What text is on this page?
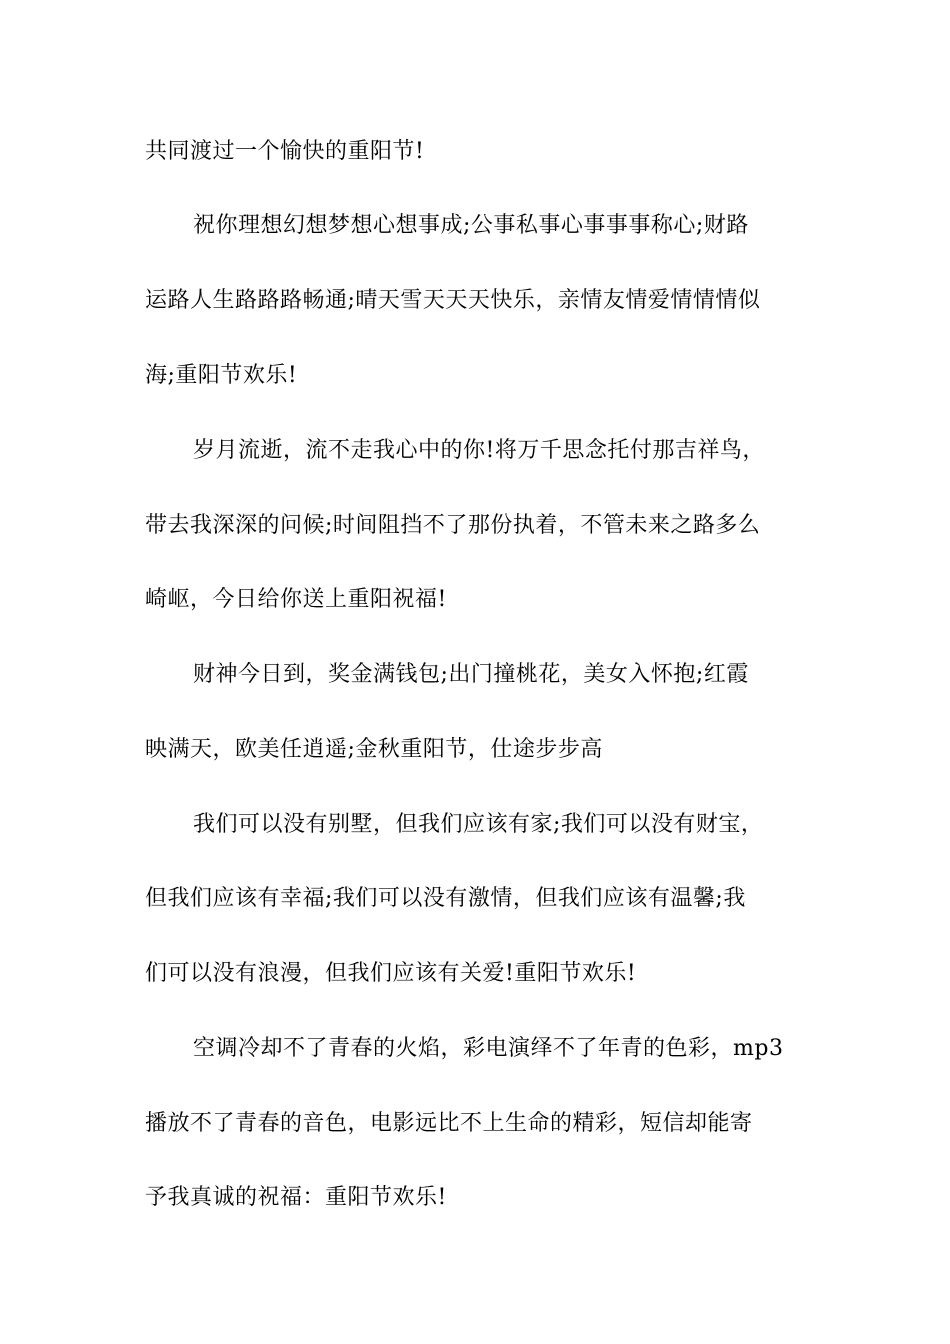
共同渡过一个愉快的重阳节!
祝你理想幻想梦想心想事成;公事私事心事事事称心;财路
运路人生路路路畅通;晴天雪天天天快乐，亲情友情爱情情情似
海;重阳节欢乐!
岁月流逝，流不走我心中的你!将万千思念托付那吉祥鸟，
带去我深深的问候;时间阻挡不了那份执着，不管未来之路多么
崎岖，今日给你送上重阳祝福!
财神今日到，奖金满钱包;出门撞桃花，美女入怀抱;红霞
映满天，欧美任逍遥;金秋重阳节，仕途步步高
我们可以没有别墅，但我们应该有家;我们可以没有财宝，
但我们应该有幸福;我们可以没有激情，但我们应该有温馨;我
们可以没有浪漫，但我们应该有关爱!重阳节欢乐!
空调冷却不了青春的火焰，彩电演绎不了年青的色彩，mp3
播放不了青春的音色，电影远比不上生命的精彩，短信却能寄
予我真诚的祝福：重阳节欢乐!
